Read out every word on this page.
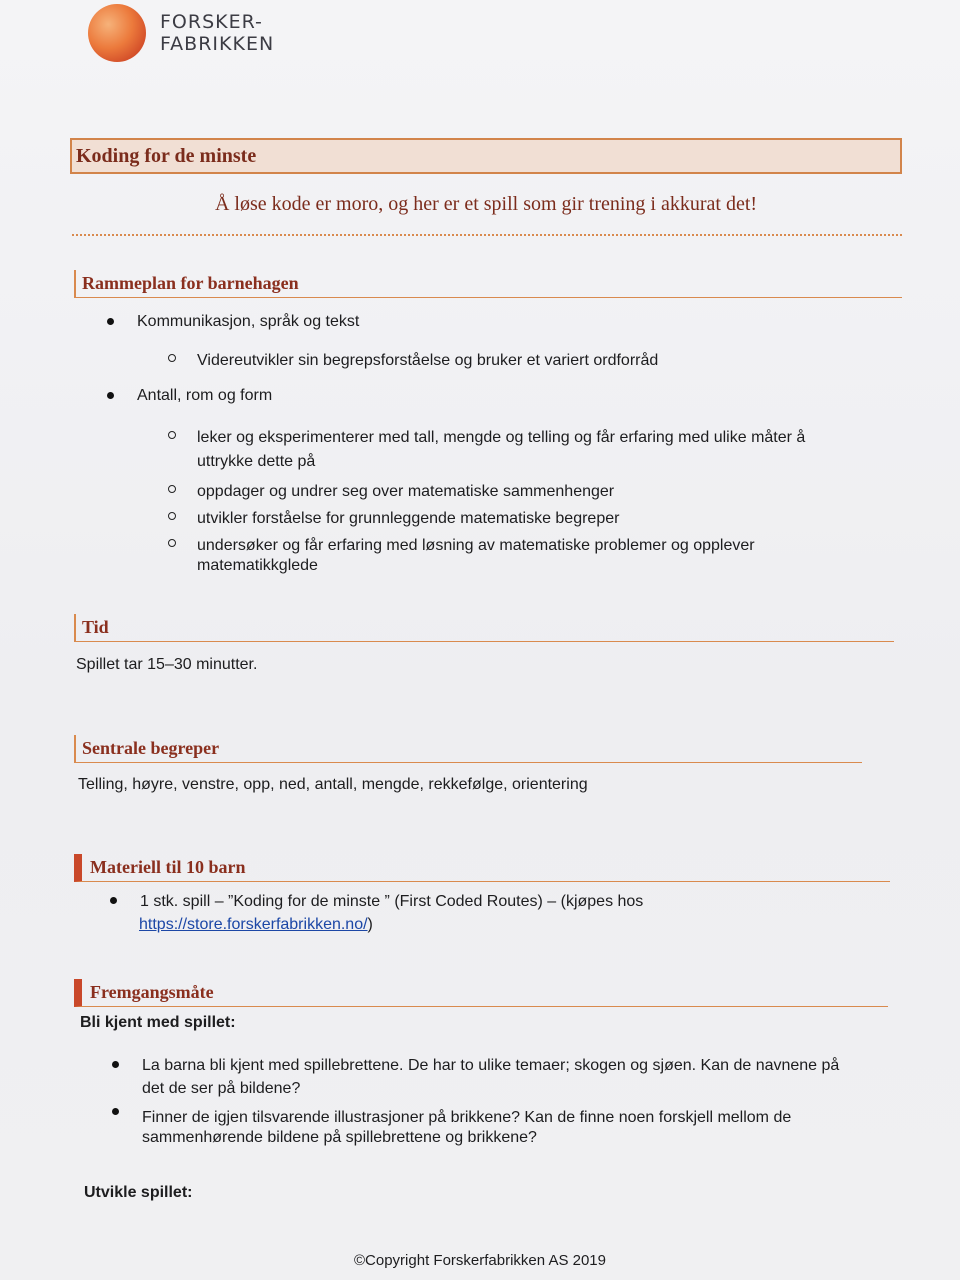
FORSKER-
FABRIKKEN
Koding for de minste
Å løse kode er moro, og her er et spill som gir trening i akkurat det!
Rammeplan for barnehagen
Kommunikasjon, språk og tekst
Videreutvikler sin begrepsforståelse og bruker et variert ordforråd
Antall, rom og form
leker og eksperimenterer med tall, mengde og telling og får erfaring med ulike måter å
uttrykke dette på
oppdager og undrer seg over matematiske sammenhenger
utvikler forståelse for grunnleggende matematiske begreper
undersøker og får erfaring med løsning av matematiske problemer og opplever
matematikkglede
Tid
Spillet tar 15–30 minutter.
Sentrale begreper
Telling, høyre, venstre, opp, ned, antall, mengde, rekkefølge, orientering
Materiell til 10 barn
1 stk. spill – ”Koding for de minste ” (First Coded Routes) – (kjøpes hos
https://store.forskerfabrikken.no/)
Fremgangsmåte
Bli kjent med spillet:
La barna bli kjent med spillebrettene. De har to ulike temaer; skogen og sjøen. Kan de navnene på
det de ser på bildene?
Finner de igjen tilsvarende illustrasjoner på brikkene? Kan de finne noen forskjell mellom de
sammenhørende bildene på spillebrettene og brikkene?
Utvikle spillet:
©Copyright Forskerfabrikken AS 2019
